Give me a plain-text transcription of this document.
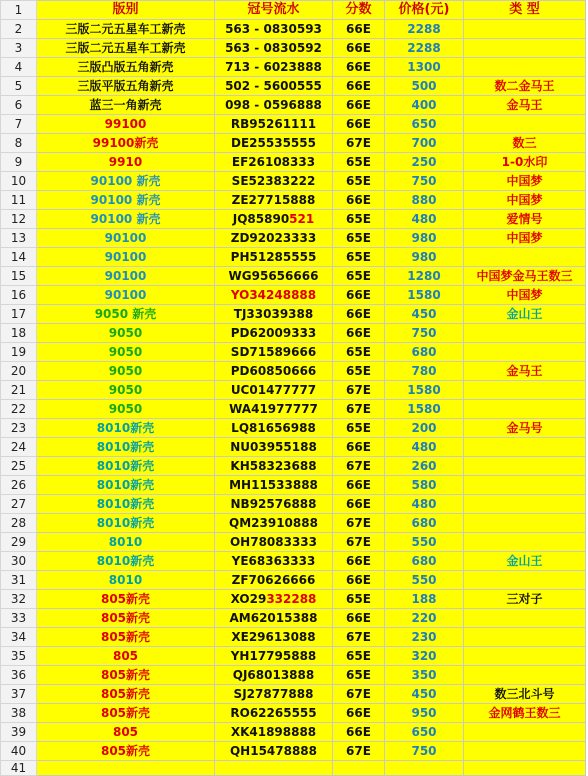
1	版别	冠号流水	分数	价格(元)	类 型
2	三版二元五星车工新壳	563 - 0830593	66E	2288	
3	三版二元五星车工新壳	563 - 0830592	66E	2288	
4	三版凸版五角新壳	713 - 6023888	66E	1300	
5	三版平版五角新壳	502 - 5600555	66E	500	数二金马王
6	蓝三一角新壳	098 - 0596888	66E	400	金马王
7	99100	RB95261111	66E	650	
8	99100新壳	DE25535555	67E	700	数三
9	9910	EF26108333	65E	250	1-0水印
10	90100 新壳	SE52383222	65E	750	中国梦
11	90100 新壳	ZE27715888	66E	880	中国梦
12	90100 新壳	JQ85890521	65E	480	爱情号
13	90100	ZD92023333	65E	980	中国梦
14	90100	PH51285555	65E	980	
15	90100	WG95656666	65E	1280	中国梦金马王数三
16	90100	YO34248888	66E	1580	中国梦
17	9050 新壳	TJ33039388	66E	450	金山王
18	9050	PD62009333	66E	750	
19	9050	SD71589666	65E	680	
20	9050	PD60850666	65E	780	金马王
21	9050	UC01477777	67E	1580	
22	9050	WA41977777	67E	1580	
23	8010新壳	LQ81656988	65E	200	金马号
24	8010新壳	NU03955188	66E	480	
25	8010新壳	KH58323688	67E	260	
26	8010新壳	MH11533888	66E	580	
27	8010新壳	NB92576888	66E	480	
28	8010新壳	QM23910888	67E	680	
29	8010	OH78083333	67E	550	
30	8010新壳	YE68363333	66E	680	金山王
31	8010	ZF70626666	66E	550	
32	805新壳	XO29332288	65E	188	三对子
33	805新壳	AM62015388	66E	220	
34	805新壳	XE29613088	67E	230	
35	805	YH17795888	65E	320	
36	805新壳	QJ68013888	65E	350	
37	805新壳	SJ27877888	67E	450	数三北斗号
38	805新壳	RO62265555	66E	950	金网鹤王数三
39	805	XK41898888	66E	650	
40	805新壳	QH15478888	67E	750	
41					
